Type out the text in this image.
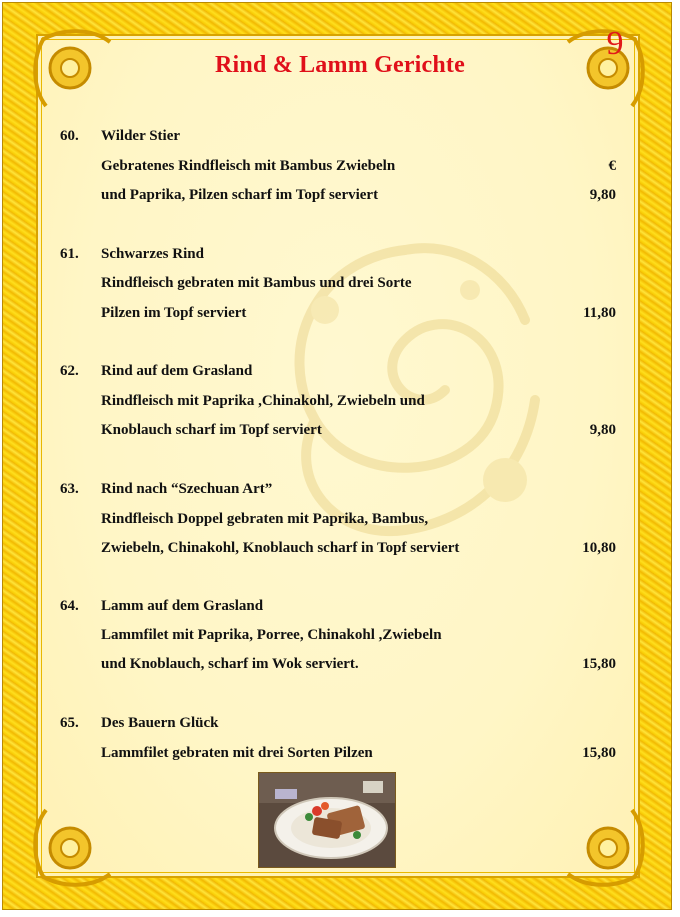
9
Rind & Lamm Gerichte
€
60. Wilder Stier
Gebratenes Rindfleisch mit Bambus Zwiebeln
und Paprika, Pilzen scharf im Topf serviert	9,80
61. Schwarzes Rind
Rindfleisch gebraten mit Bambus und drei Sorte
Pilzen im Topf serviert	11,80
62. Rind auf dem Grasland
Rindfleisch mit Paprika ,Chinakohl, Zwiebeln und
Knoblauch scharf im Topf serviert	9,80
63. Rind nach “Szechuan Art”
Rindfleisch Doppel gebraten mit Paprika, Bambus,
Zwiebeln, Chinakohl, Knoblauch scharf in Topf serviert	10,80
64. Lamm auf dem Grasland
Lammfilet mit Paprika, Porree, Chinakohl ,Zwiebeln
und Knoblauch, scharf im Wok serviert.	15,80
65. Des Bauern Glück
Lammfilet gebraten mit drei Sorten Pilzen	15,80
